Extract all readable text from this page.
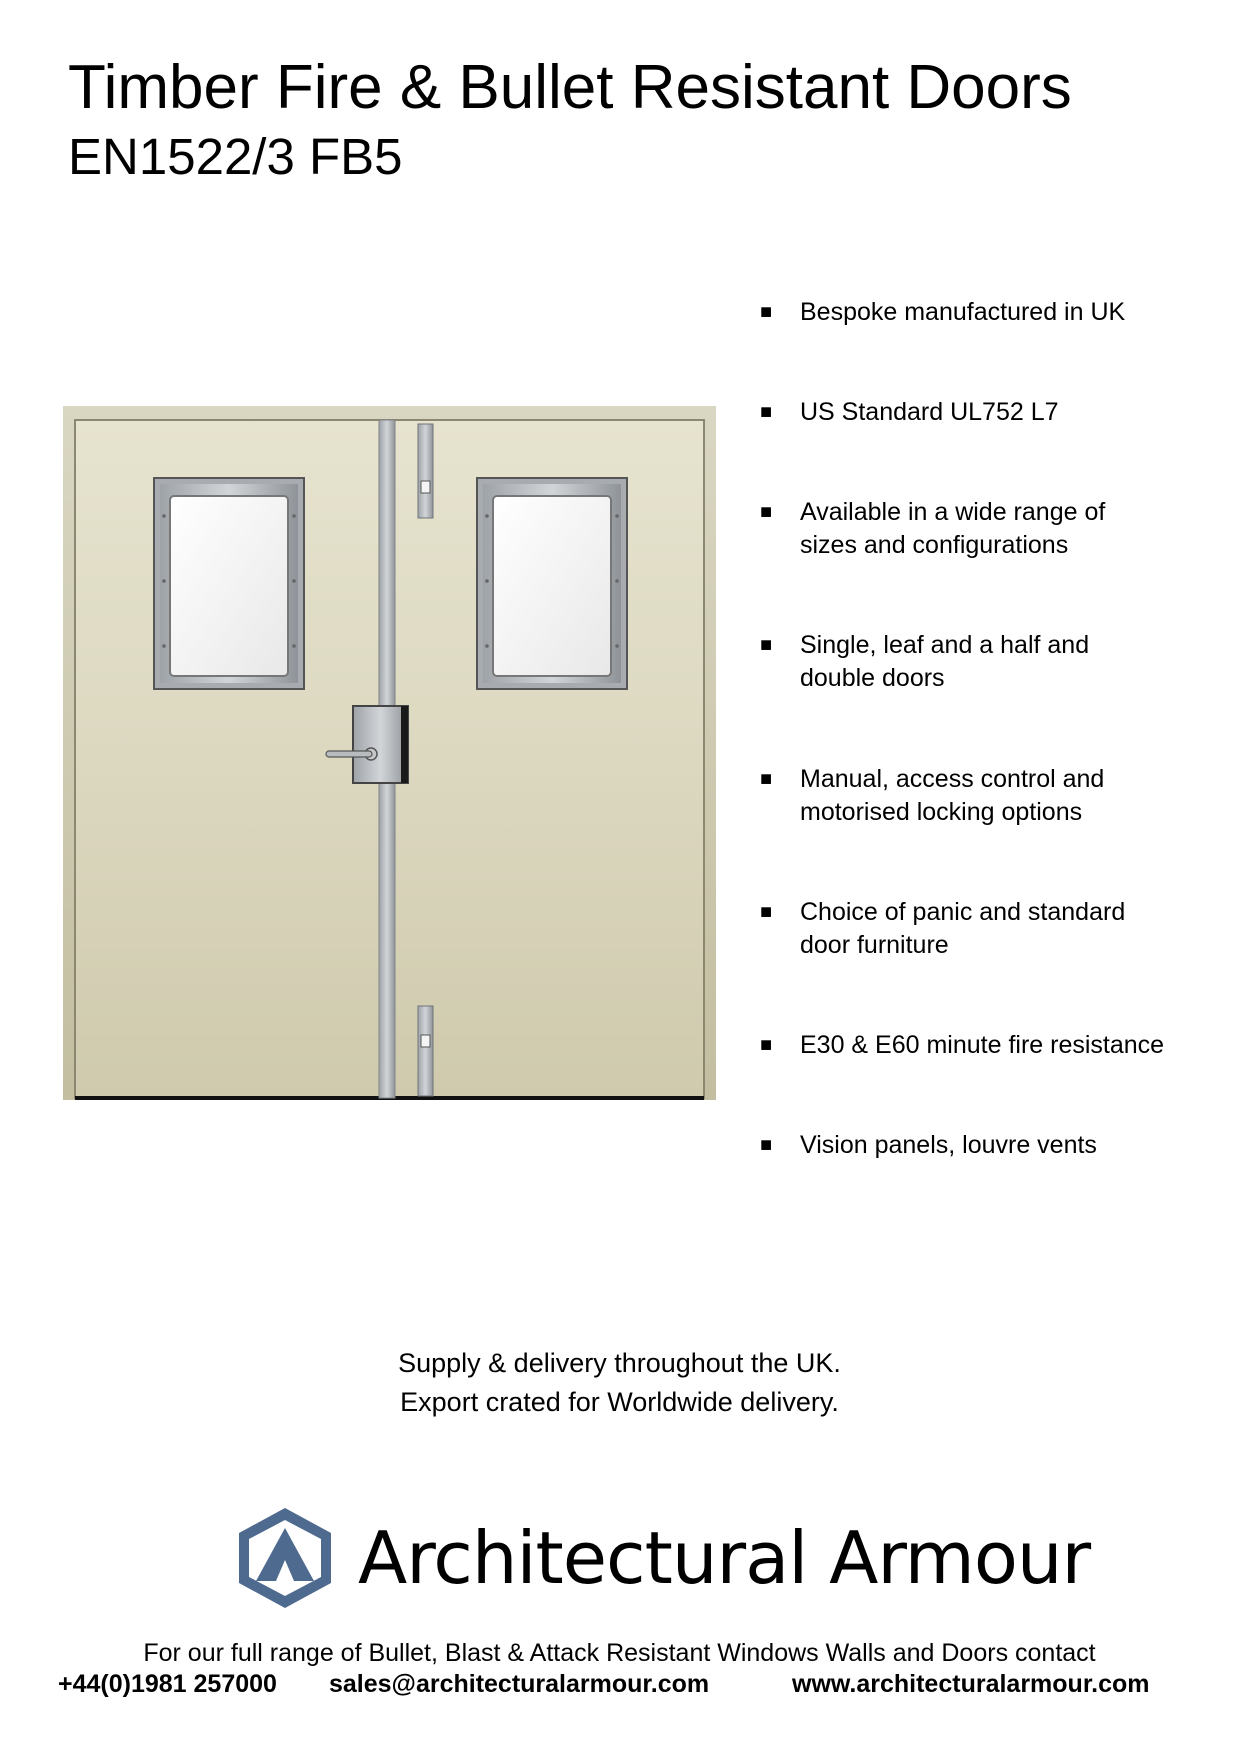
Timber Fire & Bullet Resistant Doors
EN1522/3 FB5
■	Bespoke manufactured in UK
■	US Standard UL752 L7
■	Available in a wide range of sizes and configurations
■	Single, leaf and a half and double doors
■	Manual, access control and motorised locking options
■	Choice of panic and standard door furniture
■	E30 & E60 minute fire resistance
■	Vision panels, louvre vents
Supply & delivery throughout the UK.
Export crated for Worldwide delivery.
Architectural Armour
For our full range of Bullet, Blast & Attack Resistant Windows Walls and Doors contact
+44(0)1981 257000 sales@architecturalarmour.com	www.architecturalarmour.com
